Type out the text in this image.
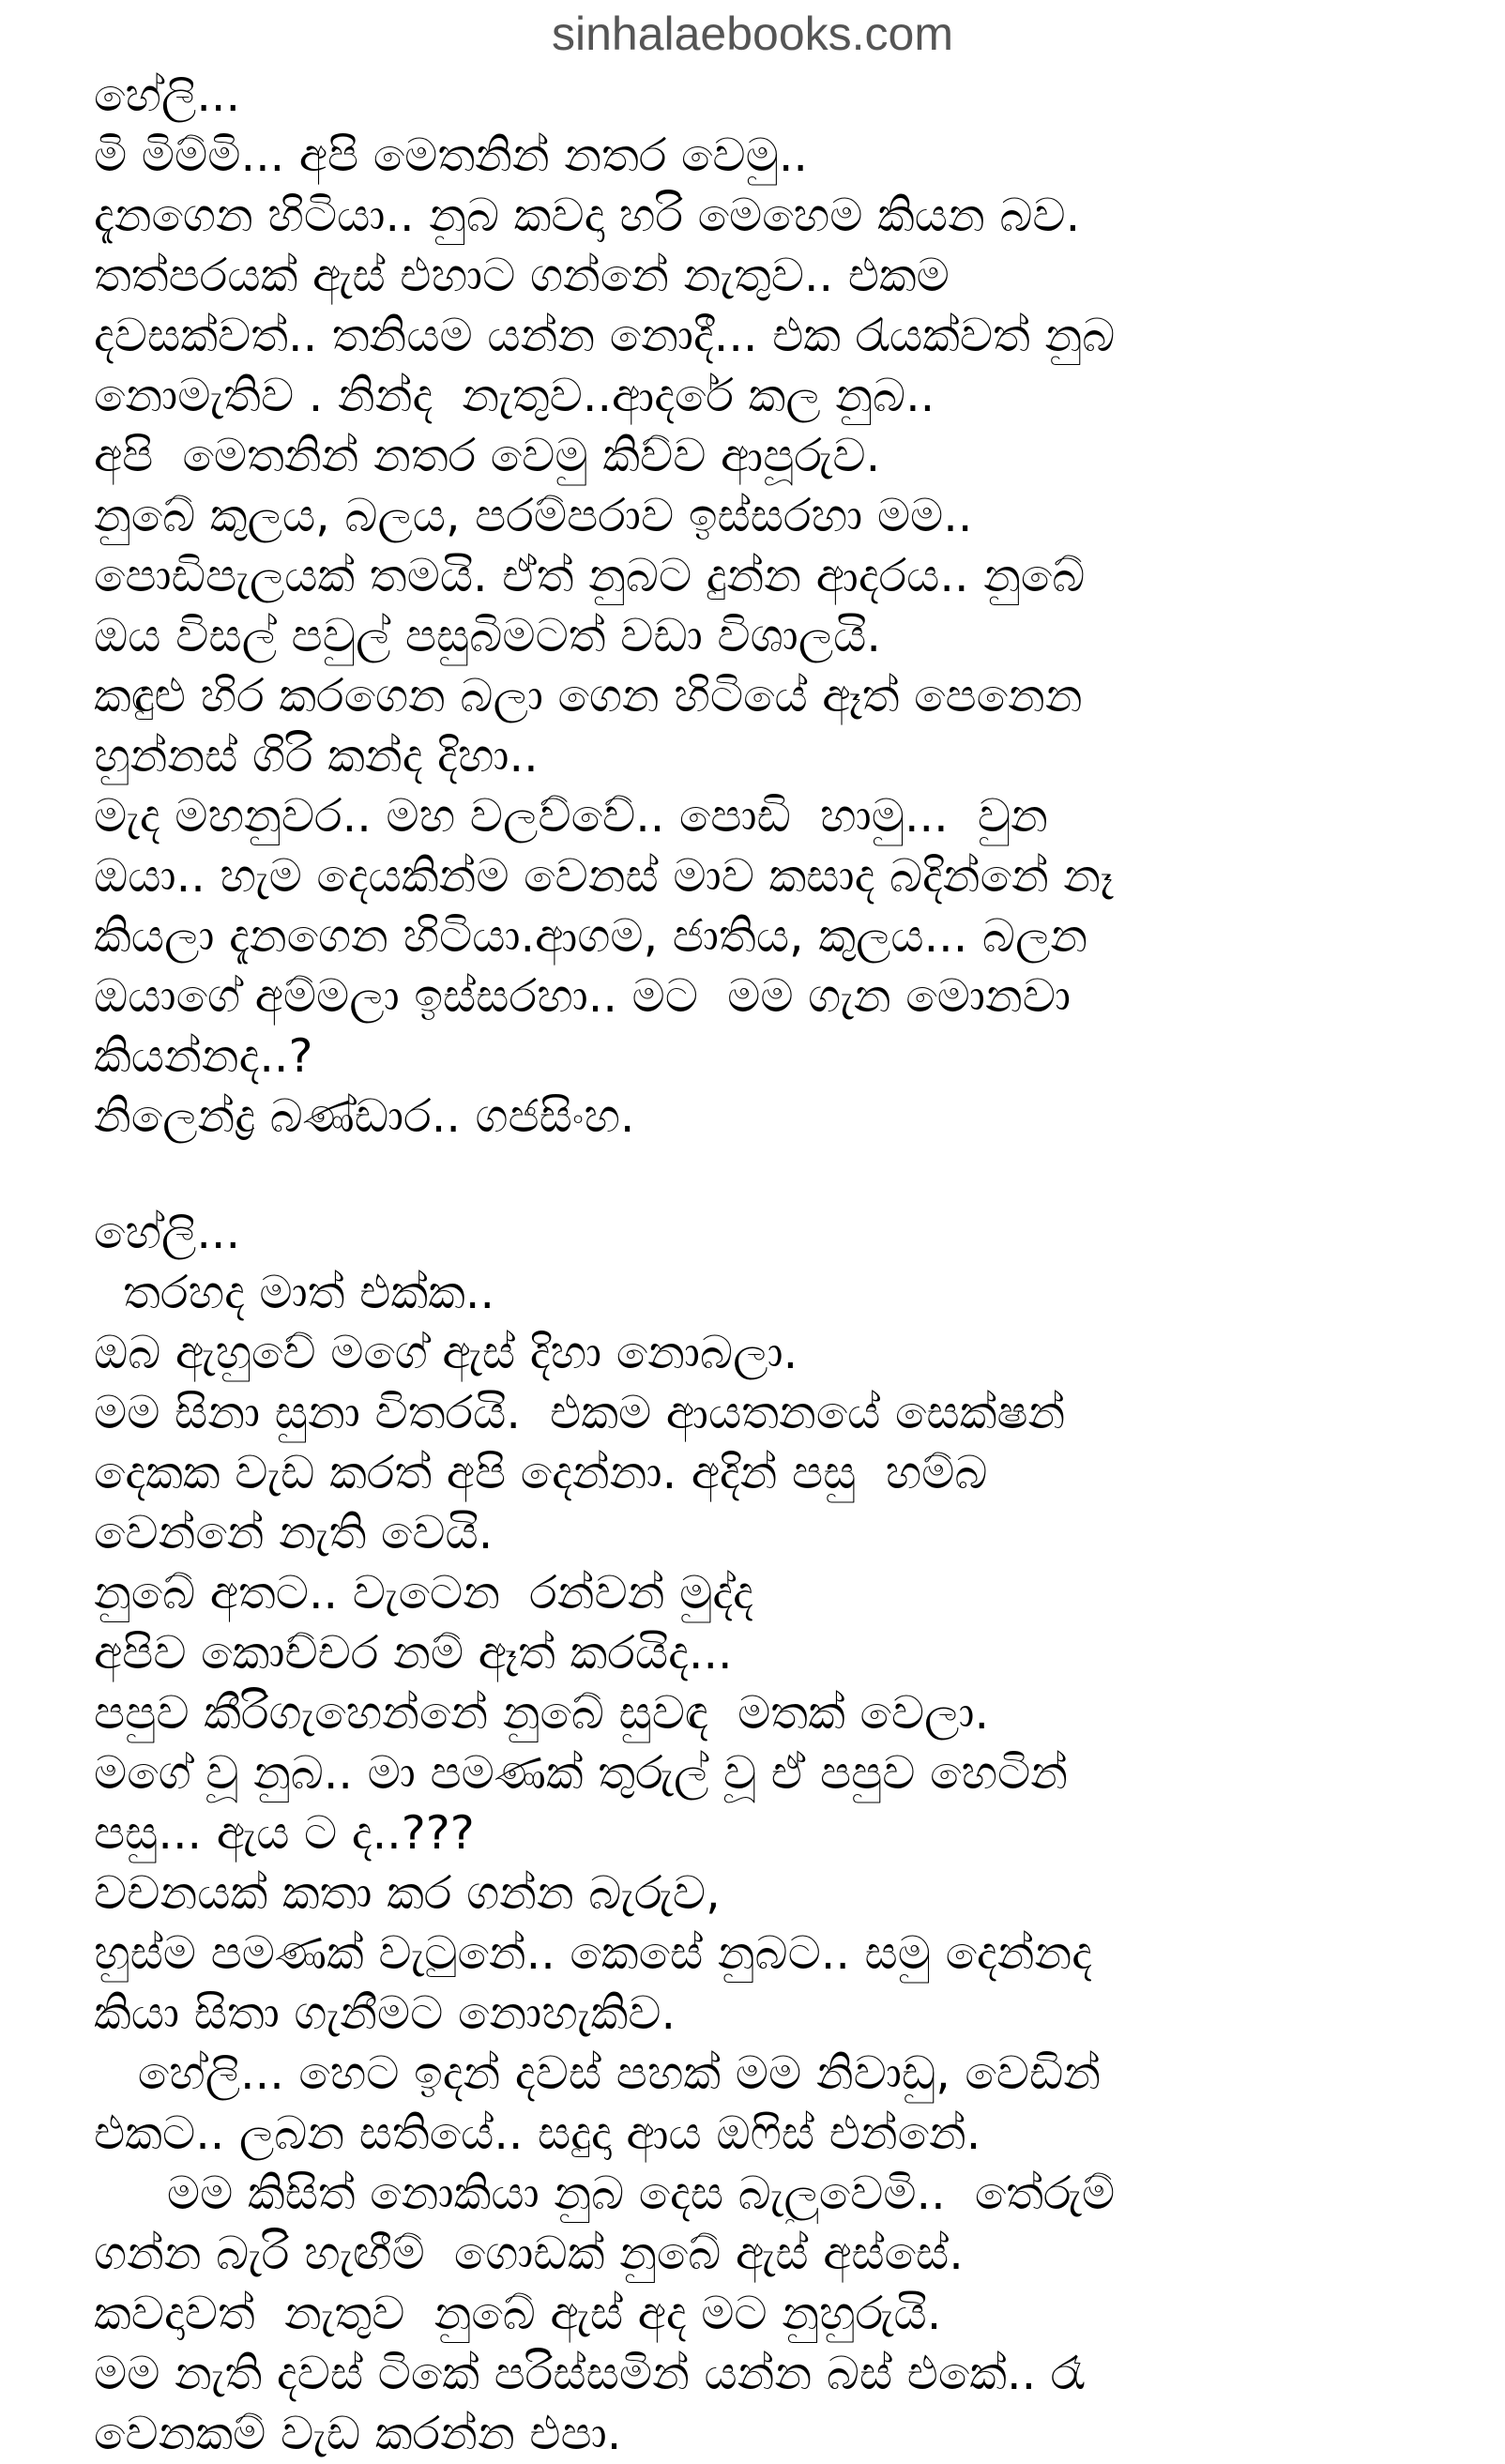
sinhalaebooks.com
හේලි...
මි මිම්මි... අපි මෙතනින් නතර වෙමු..
දැනගෙන හිටියා.. නුබ කවදා හරි මෙහෙම කියන බව.
තත්පරයක් ඇස් එහාට ගන්නේ නැතුව.. එකම
දවසක්වත්.. තනියම යන්න නොදී... එක රැයක්වත් නුබ
නොමැතිව . නින්ද  නැතුව..ආදරේ කල නුබ..
අපි  මෙතනින් නතර වෙමු කිව්ව ආපූරුව.
නුබේ කුලය, බලය, පරම්පරාව ඉස්සරහා මම..
පොඩිපැලයක් තමයි. ඒත් නුබට දුන්න ආදරය.. නුබේ
ඔය විසල් පවුල් පසුබිමටත් වඩා විශාලයි.
කඳුළු හිර කරගෙන බලා ගෙන හිටියේ ඈත් පෙනෙන
හුන්නස් ගිරි කන්ද දිහා..
මැද මහනුවර.. මහ වලව්වේ.. පොඩි  හාමු...  වුන
ඔයා.. හැම දෙයකින්ම වෙනස් මාව කසාද බදින්නේ නෑ
කියලා දැනගෙන හිටියා.ආගම, ජාතිය, කුලය... බලන
ඔයාගේ අම්මලා ඉස්සරහා.. මට  මම ගැන මොනවා
කියන්නද..?
නිලෙන්ද්‍ර බණ්ඩාර.. ගජසිංහ.
හේලි...
තරහද මාත් එක්ක..
ඔබ ඇහුවේ මගේ ඇස් දිහා නොබලා.
මම සිනා සුනා විතරයි.  එකම ආයතනයේ සෙක්ෂන්
දෙකක වැඩ කරත් අපි දෙන්නා. අදින් පසු  හම්බ
වෙන්නේ නැති වෙයි.
නුබේ අතට.. වැටෙන  රන්වන් මුද්ද
අපිව කොච්චර නම් ඈත් කරයිද...
පපුව කීරිගැහෙන්නේ නුබේ සුවඳ  මතක් වෙලා.
මගේ වූ නුබ.. මා පමණක් තුරුල් වූ ඒ පපුව හෙටින්
පසු... ඇය ට ද..???
වචනයක් කතා කර ගන්න බැරුව,
හුස්ම පමණක් වැටුනේ.. කෙසේ නුබට.. සමු දෙන්නද
කියා සිතා ගැනීමට නොහැකිව.
හේලි... හෙට ඉදන් දවස් පහක් මම නිවාඩු, වෙඩින්
එකට.. ලබන සතියේ.. සදුදා ආය ඔෆිස් එන්නේ.
මම කිසිත් නොකියා නුබ දෙස බැලුවෙමි..  තේරුම්
ගන්න බැරි හැඟීම්  ගොඩක් නුබේ ඇස් අස්සේ.
කවදාවත්  නැතුව  නුබේ ඇස් අද මට නුහුරුයි.
මම නැති දවස් ටිකේ පරිස්සමින් යන්න බස් එකේ.. රෑ
වෙනකම් වැඩ කරන්න එපා.
